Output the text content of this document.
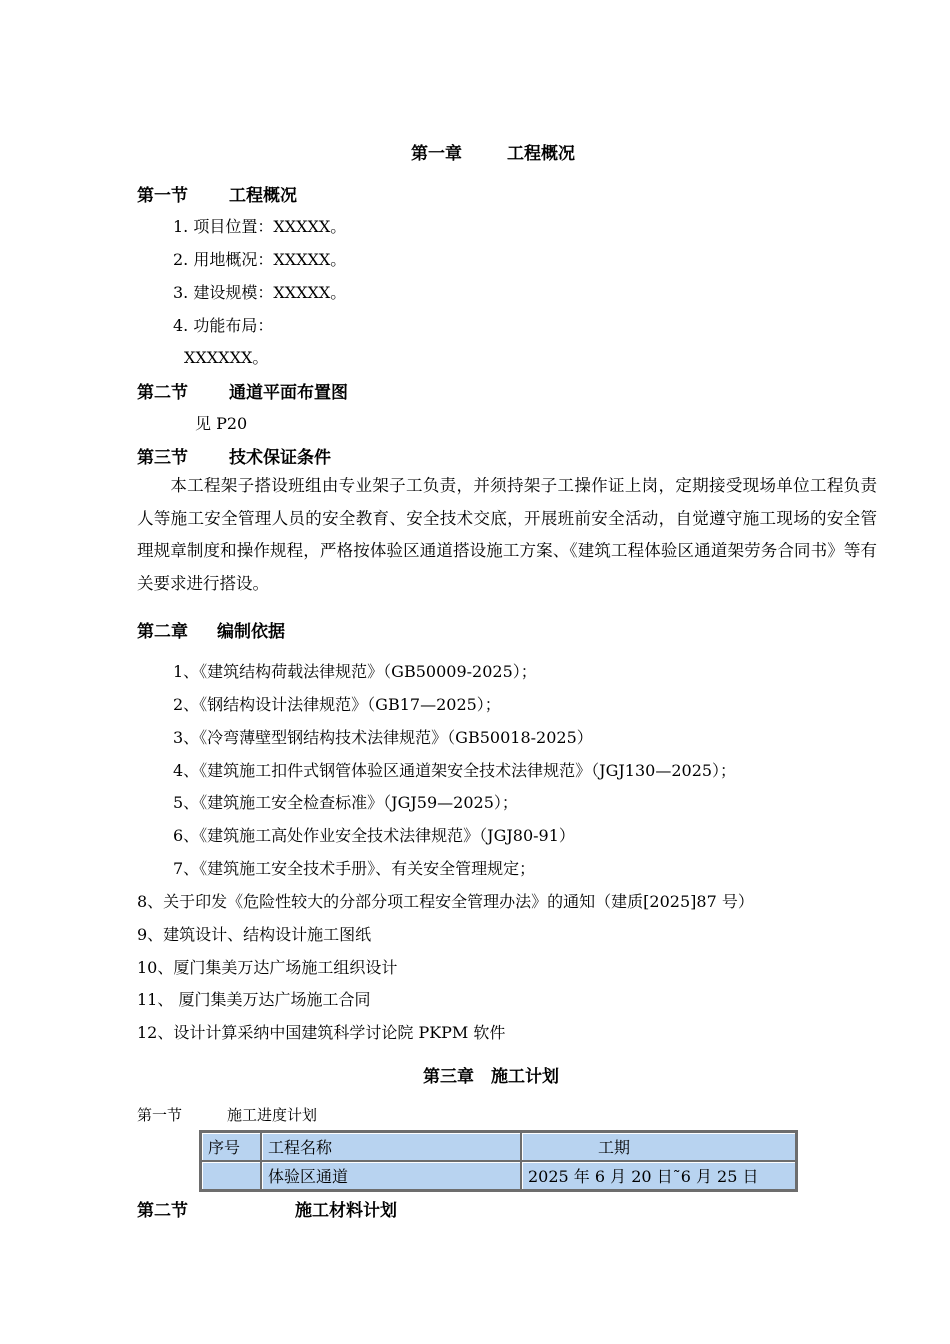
第一章	工程概况
第一节 工程概况
1. 项目位置：XXXXX。
2. 用地概况：XXXXX。
3. 建设规模：XXXXX。
4. 功能布局：
XXXXXX。
第二节 通道平面布置图
见 P20
第三节 技术保证条件
本工程架子搭设班组由专业架子工负责，并须持架子工操作证上岗，定期接受现场单位工程负责人等施工安全管理人员的安全教育、安全技术交底，开展班前安全活动，自觉遵守施工现场的安全管理规章制度和操作规程，严格按体验区通道搭设施工方案、《建筑工程体验区通道架劳务合同书》等有关要求进行搭设。
第二章 编制依据
1、《建筑结构荷载法律规范》（GB50009-2025）；
2、《钢结构设计法律规范》（GB17—2025）；
3、《冷弯薄壁型钢结构技术法律规范》（GB50018-2025）
4、《建筑施工扣件式钢管体验区通道架安全技术法律规范》（JGJ130—2025）；
5、《建筑施工安全检查标准》（JGJ59—2025）；
6、《建筑施工高处作业安全技术法律规范》（JGJ80-91）
7、《建筑施工安全技术手册》、有关安全管理规定；
8、关于印发《危险性较大的分部分项工程安全管理办法》的通知（建质[2025]87 号）
9、建筑设计、结构设计施工图纸
10、厦门集美万达广场施工组织设计
11、 厦门集美万达广场施工合同
12、设计计算采纳中国建筑科学讨论院 PKPM 软件
第三章 施工计划
第一节	施工进度计划
序号	工程名称	工期
	体验区通道	2025 年 6 月 20 日˜6 月 25 日
第二节	施工材料计划
